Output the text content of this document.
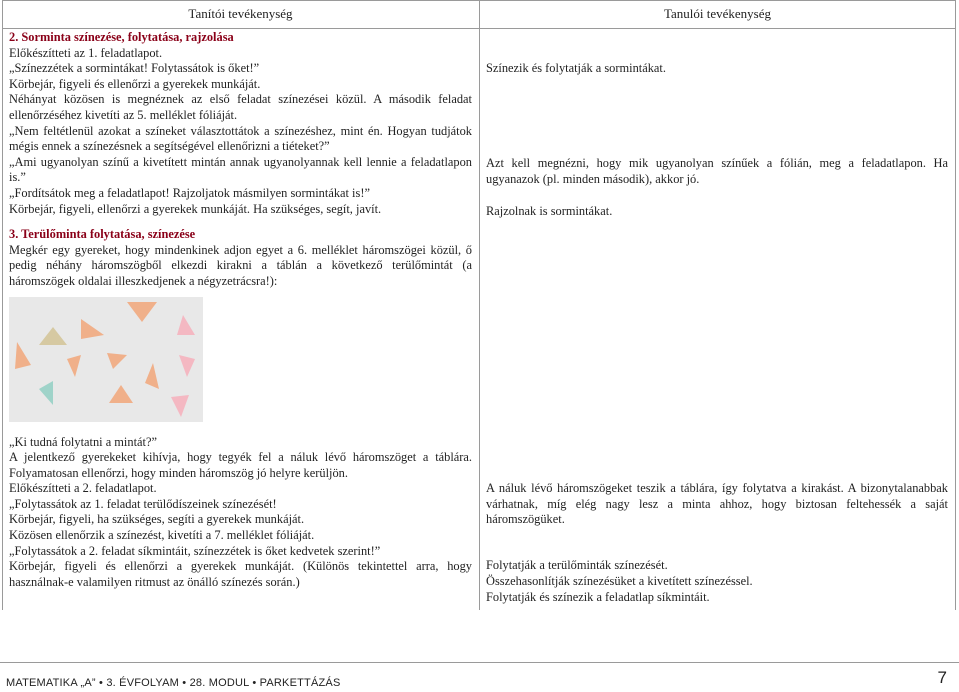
Tanítói tevékenység	Tanulói tevékenység

2. Sorminta színezése, folytatása, rajzolása

Előkészítteti az 1. feladatlapot.

„Színezzétek a sormintákat! Folytassátok is őket!”

Körbejár, figyeli és ellenőrzi a gyerekek munkáját.

Néhányat közösen is megnéznek az első feladat színezései közül. A második feladat ellenőrzéséhez kivetíti az 5. melléklet fóliáját.

„Nem feltétlenül azokat a színeket választottátok a színezéshez, mint én. Hogyan tudjátok mégis ennek a színezésnek a segítségével ellenőrizni a tiéteket?”

„Ami ugyanolyan színű a kivetített mintán annak ugyanolyannak kell lennie a feladatlapon is.”

„Fordítsátok meg a feladatlapot! Rajzoljatok másmilyen sormintákat is!”

Körbejár, figyeli, ellenőrzi a gyerekek munkáját. Ha szükséges, segít, javít.

3. Terülőminta folytatása, színezése

Megkér egy gyereket, hogy mindenkinek adjon egyet a 6. melléklet háromszögei közül, ő pedig néhány háromszögből elkezdi kirakni a táblán a következő terülőmintát (a háromszögek oldalai illeszkedjenek a négyzetrácsra!):

„Ki tudná folytatni a mintát?”

A jelentkező gyerekeket kihívja, hogy tegyék fel a náluk lévő háromszöget a táblára. Folyamatosan ellenőrzi, hogy minden háromszög jó helyre kerüljön.

Előkészítteti a 2. feladatlapot.

„Folytassátok az 1. feladat terülődíszeinek színezését!

Körbejár, figyeli, ha szükséges, segíti a gyerekek munkáját.

Közösen ellenőrzik a színezést, kivetíti a 7. melléklet fóliáját.

„Folytassátok a 2. feladat síkmintáit, színezzétek is őket kedvetek szerint!”

Körbejár, figyeli és ellenőrzi a gyerekek munkáját. (Különös tekintettel arra, hogy használnak-e valamilyen ritmust az önálló színezés során.)

Színezik és folytatják a sormintákat.
Azt kell megnézni, hogy mik ugyanolyan színűek a fólián, meg a feladatlapon. Ha ugyanazok (pl. minden második), akkor jó.
Rajzolnak is sormintákat.
A náluk lévő háromszögeket teszik a táblára, így folytatva a kirakást. A bizonytalanabbak várhatnak, míg elég nagy lesz a minta ahhoz, hogy biztosan feltehessék a saját háromszögüket.
Folytatják a terülőminták színezését.
Összehasonlítják színezésüket a kivetített színezéssel.
Folytatják és színezik a feladatlap síkmintáit.
MATEMATIKA „A” • 3. ÉVFOLYAM • 28. MODUL • PARKETTÁZÁS	7
